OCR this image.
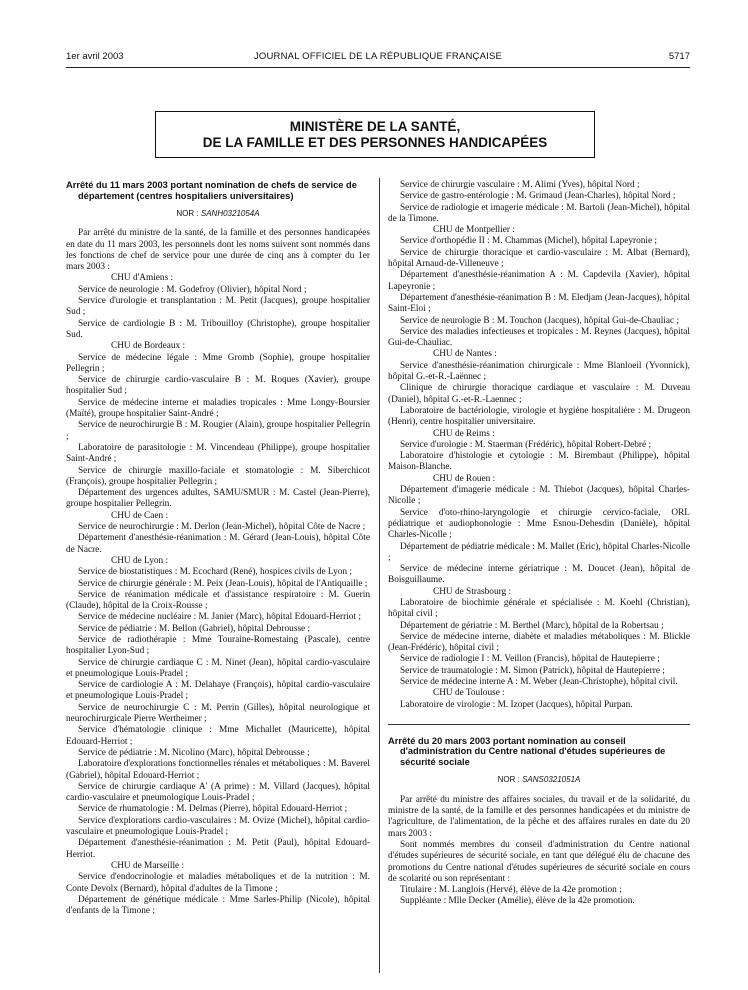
1er avril 2003	JOURNAL OFFICIEL DE LA RÉPUBLIQUE FRANÇAISE	5717
MINISTÈRE DE LA SANTÉ,
DE LA FAMILLE ET DES PERSONNES HANDICAPÉES
Arrêté du 11 mars 2003 portant nomination de chefs de service de département (centres hospitaliers universitaires)
NOR : SANH0321054A

Par arrêté du ministre de la santé, de la famille et des personnes handicapées en date du 11 mars 2003, les personnels dont les noms suivent sont nommés dans les fonctions de chef de service pour une durée de cinq ans à compter du 1er mars 2003 :

CHU d'Amiens :

Service de neurologie : M. Godefroy (Olivier), hôpital Nord ;

Service d'urologie et transplantation : M. Petit (Jacques), groupe hospitalier Sud ;

Service de cardiologie B : M. Tribouilloy (Christophe), groupe hospitalier Sud.

CHU de Bordeaux :

Service de médecine légale : Mme Gromb (Sophie), groupe hospitalier Pellegrin ;

Service de chirurgie cardio-vasculaire B : M. Roques (Xavier), groupe hospitalier Sud ;

Service de médecine interne et maladies tropicales : Mme Longy-Boursier (Maïté), groupe hospitalier Saint-André ;

Service de neurochirurgie B : M. Rougier (Alain), groupe hospitalier Pellegrin ;

Laboratoire de parasitologie : M. Vincendeau (Philippe), groupe hospitalier Saint-André ;

Service de chirurgie maxillo-faciale et stomatologie : M. Siberchicot (François), groupe hospitalier Pellegrin ;

Département des urgences adultes, SAMU/SMUR : M. Castel (Jean-Pierre), groupe hospitalier Pellegrin.

CHU de Caen :

Service de neurochirurgie : M. Derlon (Jean-Michel), hôpital Côte de Nacre ;

Département d'anesthésie-réanimation : M. Gérard (Jean-Louis), hôpital Côte de Nacre.

CHU de Lyon :

Service de biostatistiques : M. Ecochard (René), hospices civils de Lyon ;

Service de chirurgie générale : M. Peix (Jean-Louis), hôpital de l'Antiquaille ;

Service de réanimation médicale et d'assistance respiratoire : M. Guerin (Claude), hôpital de la Croix-Rousse ;

Service de médecine nucléaire : M. Janier (Marc), hôpital Edouard-Herriot ;

Service de pédiatrie : M. Bellon (Gabriel), hôpital Debrousse ;

Service de radiothérapie : Mme Touraine-Romestaing (Pascale), centre hospitalier Lyon-Sud ;

Service de chirurgie cardiaque C : M. Ninet (Jean), hôpital cardio-vasculaire et pneumologique Louis-Pradel ;

Service de cardiologie A : M. Delahaye (François), hôpital cardio-vasculaire et pneumologique Louis-Pradel ;

Service de neurochirurgie C : M. Perrin (Gilles), hôpital neurologique et neurochirurgicale Pierre Wertheimer ;

Service d'hématologie clinique : Mme Michallet (Mauricette), hôpital Edouard-Herriot ;

Service de pédiatrie : M. Nicolino (Marc), hôpital Debrousse ;

Laboratoire d'explorations fonctionnelles rénales et métaboliques : M. Baverel (Gabriel), hôpital Edouard-Herriot ;

Service de chirurgie cardiaque A' (A prime) : M. Villard (Jacques), hôpital cardio-vasculaire et pneumologique Louis-Pradel ;

Service de rhumatologie : M. Delmas (Pierre), hôpital Edouard-Herriot ;

Service d'explorations cardio-vasculaires : M. Ovize (Michel), hôpital cardio-vasculaire et pneumologique Louis-Pradel ;

Département d'anesthésie-réanimation : M. Petit (Paul), hôpital Edouard-Herriot.

CHU de Marseille :

Service d'endocrinologie et maladies métaboliques et de la nutrition : M. Conte Devolx (Bernard), hôpital d'adultes de la Timone ;

Département de génétique médicale : Mme Sarles-Philip (Nicole), hôpital d'enfants de la Timone ;

Service de chirurgie vasculaire : M. Alimi (Yves), hôpital Nord ;

Service de gastro-entérologie : M. Grimaud (Jean-Charles), hôpital Nord ;

Service de radiologie et imagerie médicale : M. Bartoli (Jean-Michel), hôpital de la Timone.

CHU de Montpellier :

Service d'orthopédie II : M. Chammas (Michel), hôpital Lapeyronie ;

Service de chirurgie thoracique et cardio-vasculaire : M. Albat (Bernard), hôpital Arnaud-de-Villeneuve ;

Département d'anesthésie-réanimation A : M. Capdevila (Xavier), hôpital Lapeyronie ;

Département d'anesthésie-réanimation B : M. Eledjam (Jean-Jacques), hôpital Saint-Eloi ;

Service de neurologie B : M. Touchon (Jacques), hôpital Gui-de-Chauliac ;

Service des maladies infectieuses et tropicales : M. Reynes (Jacques), hôpital Gui-de-Chauliac.

CHU de Nantes :

Service d'anesthésie-réanimation chirurgicale : Mme Blanloeil (Yvonnick), hôpital G.-et-R.-Laënnec ;

Clinique de chirurgie thoracique cardiaque et vasculaire : M. Duveau (Daniel), hôpital G.-et-R.-Laennec ;

Laboratoire de bactériologie, virologie et hygiène hospitalière : M. Drugeon (Henri), centre hospitalier universitaire.

CHU de Reims :

Service d'urologie : M. Staerman (Frédéric), hôpital Robert-Debré ;

Laboratoire d'histologie et cytologie : M. Birembaut (Philippe), hôpital Maison-Blanche.

CHU de Rouen :

Département d'imagerie médicale : M. Thiebot (Jacques), hôpital Charles-Nicolle ;

Service d'oto-rhino-laryngologie et chirurgie cervico-faciale, ORL pédiatrique et audiophonologie : Mme Esnou-Dehesdin (Danièle), hôpital Charles-Nicolle ;

Département de pédiatrie médicale : M. Mallet (Eric), hôpital Charles-Nicolle ;

Service de médecine interne gériatrique : M. Doucet (Jean), hôpital de Boisguillaume.

CHU de Strasbourg :

Laboratoire de biochimie générale et spécialisée : M. Koehl (Christian), hôpital civil ;

Département de gériatrie : M. Berthel (Marc), hôpital de la Robertsau ;

Service de médecine interne, diabète et maladies métaboliques : M. Blickle (Jean-Frédéric), hôpital civil ;

Service de radiologie I : M. Veillon (Francis), hôpital de Hautepierre ;

Service de traumatologie : M. Simon (Patrick), hôpital de Hautepierre ;

Service de médecine interne A : M. Weber (Jean-Christophe), hôpital civil.

CHU de Toulouse :

Laboratoire de virologie : M. Izopet (Jacques), hôpital Purpan.

Arrêté du 20 mars 2003 portant nomination au conseil d'administration du Centre national d'études supérieures de sécurité sociale
NOR : SANS0321051A

Par arrêté du ministre des affaires sociales, du travail et de la solidarité, du ministre de la santé, de la famille et des personnes handicapées et du ministre de l'agriculture, de l'alimentation, de la pêche et des affaires rurales en date du 20 mars 2003 :

Sont nommés membres du conseil d'administration du Centre national d'études supérieures de sécurité sociale, en tant que délégué élu de chacune des promotions du Centre national d'études supérieures de sécurité sociale en cours de scolarité ou son représentant :

Titulaire : M. Langlois (Hervé), élève de la 42e promotion ;

Suppléante : Mlle Decker (Amélie), élève de la 42e promotion.
